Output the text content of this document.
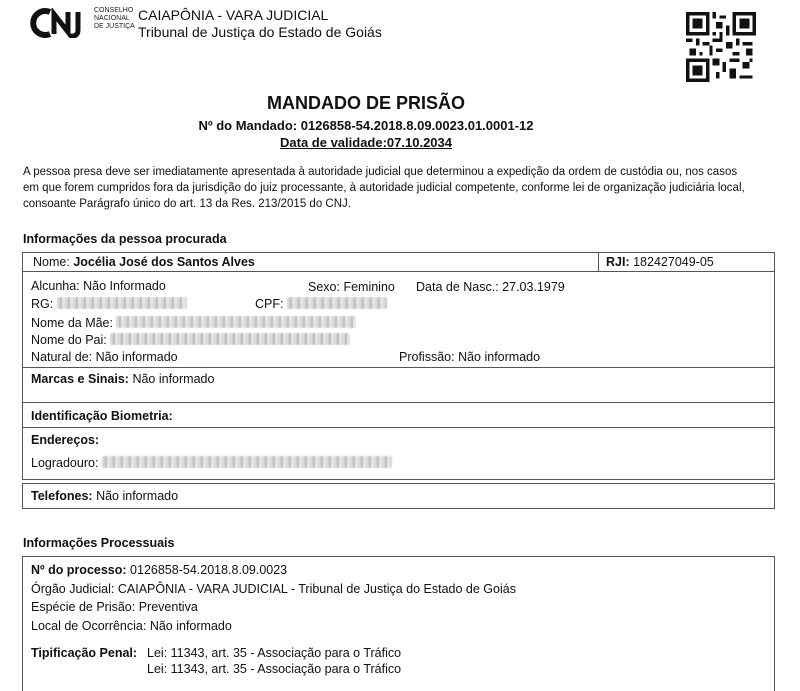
CONSELHO
NACIONAL
DE JUSTIÇA
CAIAPÔNIA - VARA JUDICIAL
Tribunal de Justiça do Estado de Goiás
MANDADO DE PRISÃO
Nº do Mandado: 0126858-54.2018.8.09.0023.01.0001-12
Data de validade:07.10.2034
A pessoa presa deve ser imediatamente apresentada à autoridade judicial que determinou a expedição da ordem de custódia ou, nos casos em que forem cumpridos fora da jurisdição do juiz processante, à autoridade judicial competente, conforme lei de organização judiciária local, consoante Parágrafo único do art. 13 da Res. 213/2015 do CNJ.
Informações da pessoa procurada
Nome: Jocélia José dos Santos Alves	RJI: 182427049-05
Alcunha: Não Informado	Sexo: Feminino Data de Nasc.: 27.03.1979
RG:	CPF:
Nome da Mãe:
Nome do Pai:
Natural de: Não informado	Profissão: Não informado
Marcas e Sinais: Não informado
Identificação Biometria:
Endereços:
Logradouro:
Telefones: Não informado
Informações Processuais
Nº do processo: 0126858-54.2018.8.09.0023
Órgão Judicial: CAIAPÔNIA - VARA JUDICIAL - Tribunal de Justiça do Estado de Goiás
Espécie de Prisão: Preventiva
Local de Ocorrência: Não informado
Tipificação Penal: Lei: 11343, art. 35 - Associação para o Tráfico
Lei: 11343, art. 35 - Associação para o Tráfico
